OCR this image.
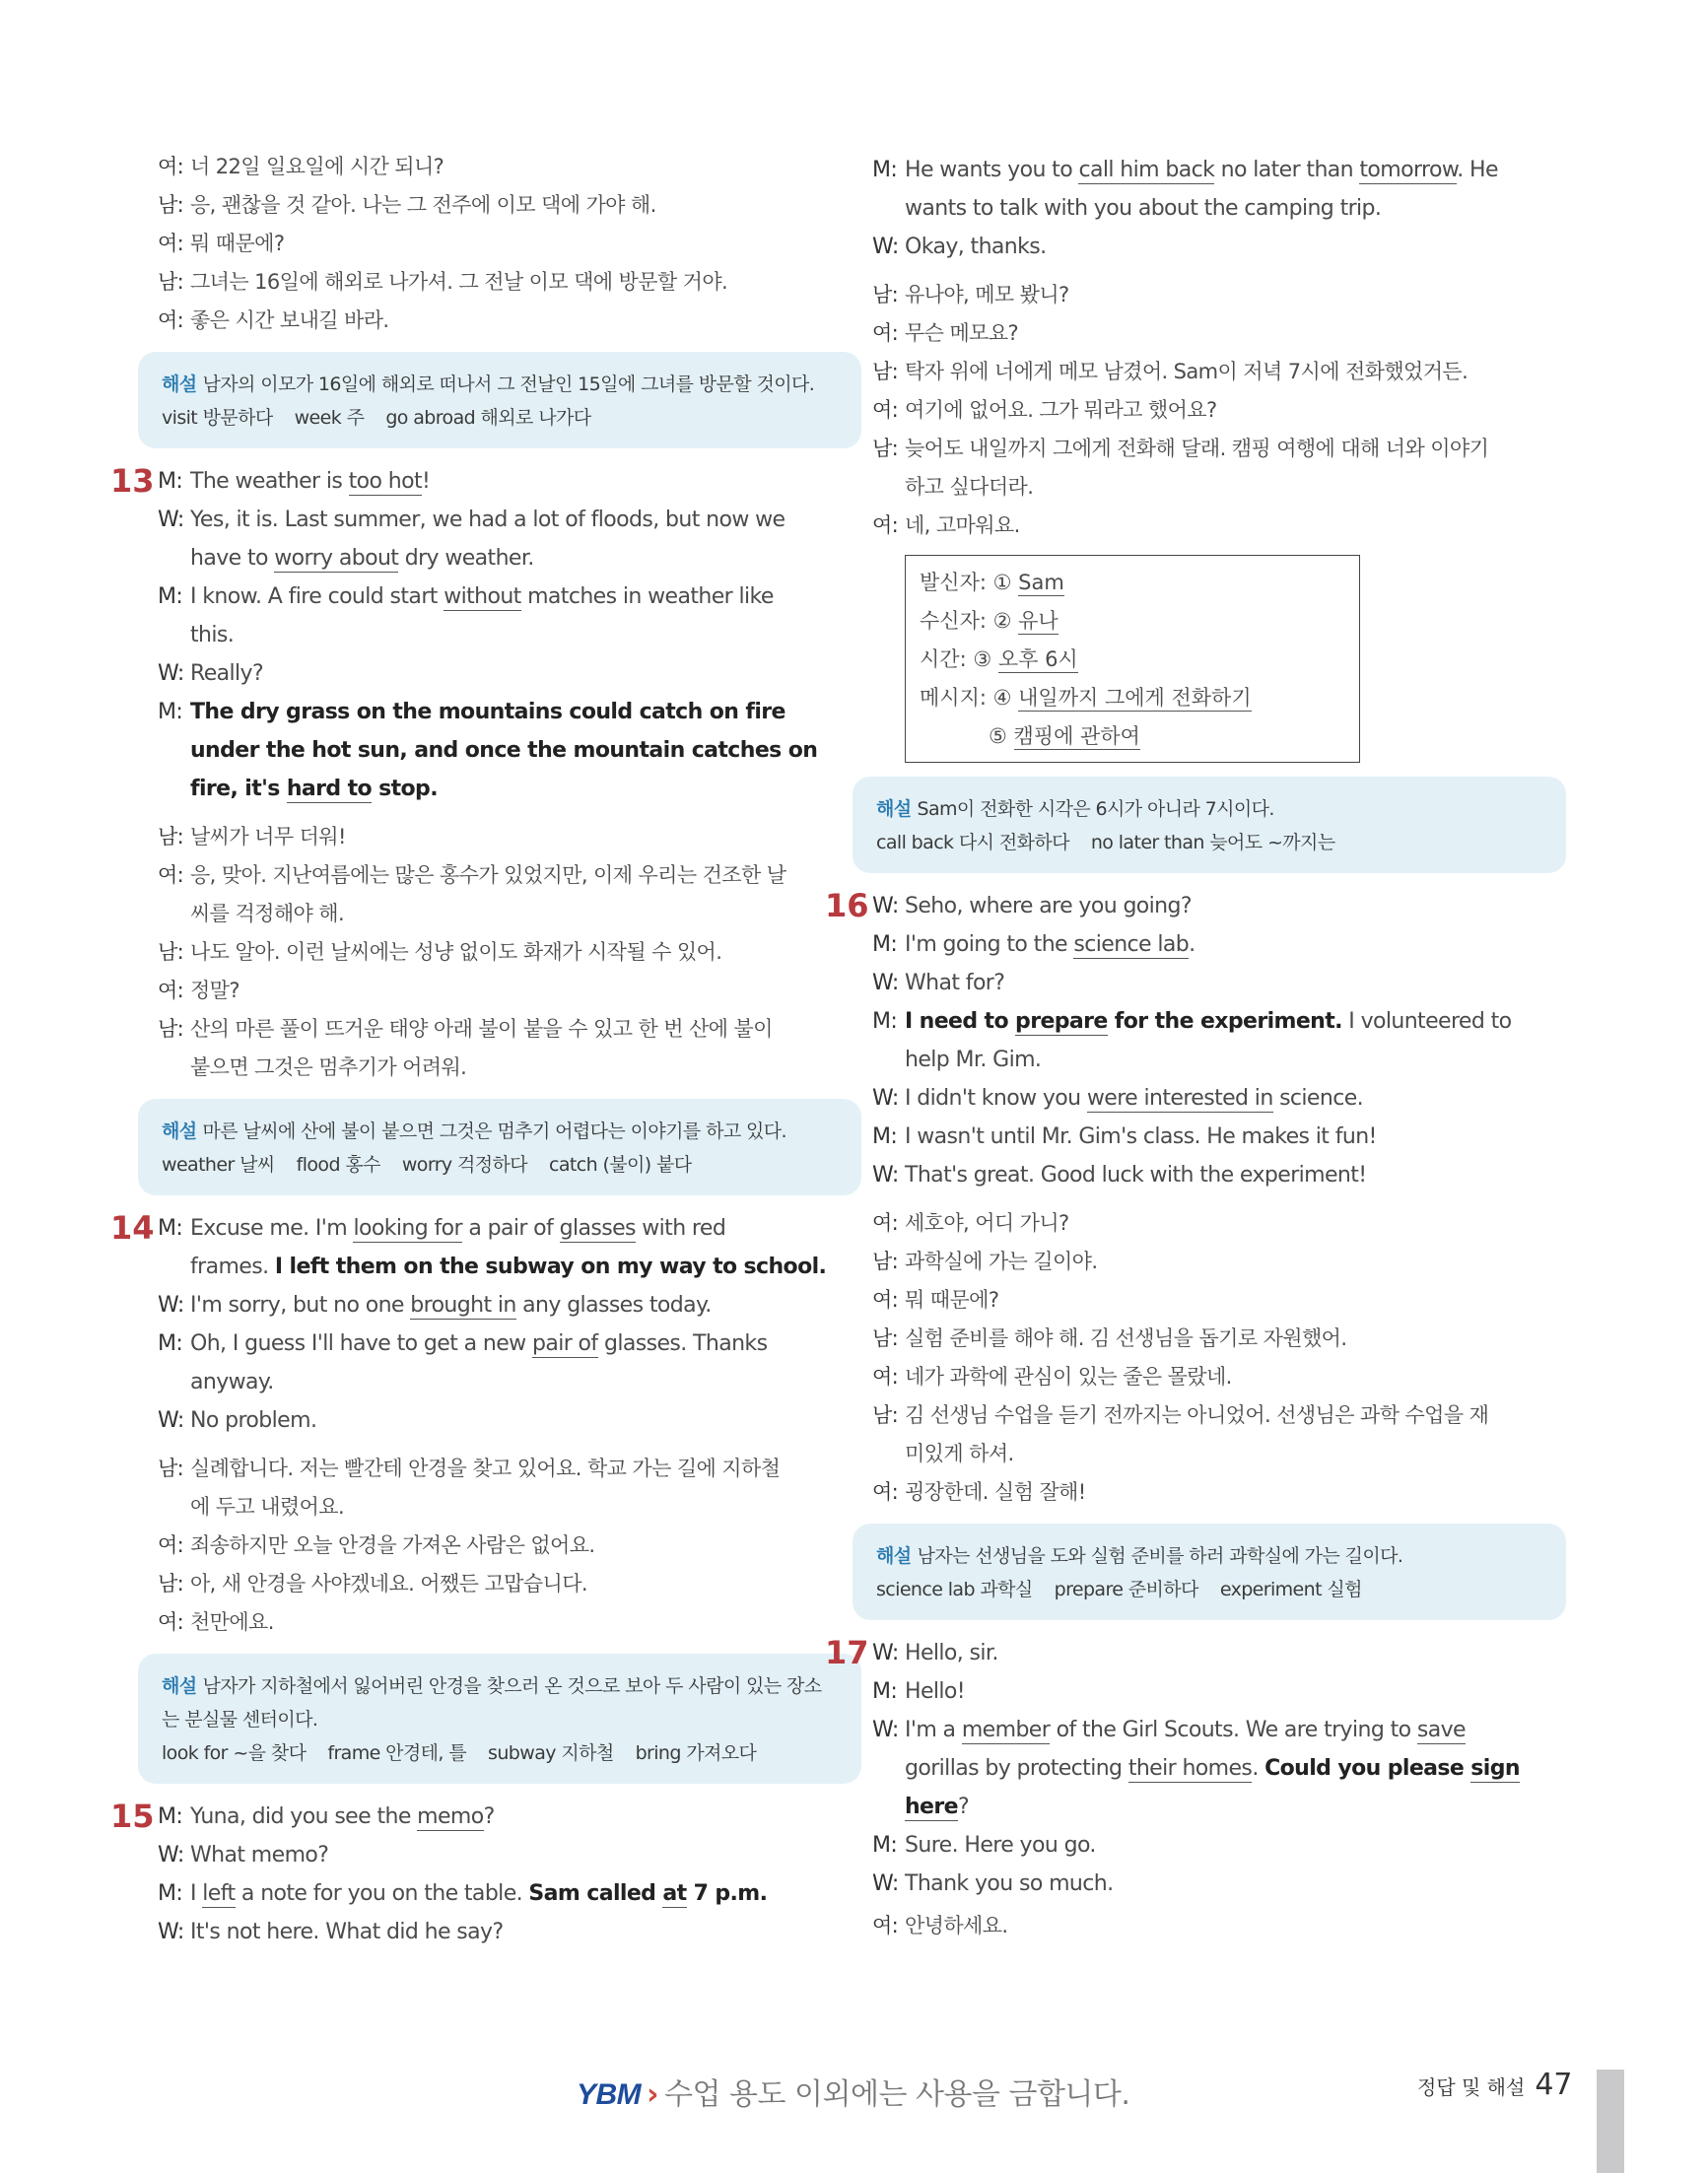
여: 너 22일 일요일에 시간 되니?
남: 응, 괜찮을 것 같아. 나는 그 전주에 이모 댁에 가야 해.
여: 뭐 때문에?
남: 그녀는 16일에 해외로 나가셔. 그 전날 이모 댁에 방문할 거야.
여: 좋은 시간 보내길 바라.
해설 남자의 이모가 16일에 해외로 떠나서 그 전날인 15일에 그녀를 방문할 것이다.
visit 방문하다 week 주 go abroad 해외로 나가다
13 M: The weather is too hot!
W: Yes, it is. Last summer, we had a lot of floods, but now we
have to worry about dry weather.
M: I know. A fire could start without matches in weather like
this.
W: Really?
M: The dry grass on the mountains could catch on fire
under the hot sun, and once the mountain catches on
fire, it's hard to stop.
남: 날씨가 너무 더워!
여: 응, 맞아. 지난여름에는 많은 홍수가 있었지만, 이제 우리는 건조한 날
씨를 걱정해야 해.
남: 나도 알아. 이런 날씨에는 성냥 없이도 화재가 시작될 수 있어.
여: 정말?
남: 산의 마른 풀이 뜨거운 태양 아래 불이 붙을 수 있고 한 번 산에 불이
붙으면 그것은 멈추기가 어려워.
해설 마른 날씨에 산에 불이 붙으면 그것은 멈추기 어렵다는 이야기를 하고 있다.
weather 날씨 flood 홍수 worry 걱정하다 catch (불이) 붙다
14 M: Excuse me. I'm looking for a pair of glasses with red
frames. I left them on the subway on my way to school.
W: I'm sorry, but no one brought in any glasses today.
M: Oh, I guess I'll have to get a new pair of glasses. Thanks
anyway.
W: No problem.
남: 실례합니다. 저는 빨간테 안경을 찾고 있어요. 학교 가는 길에 지하철
에 두고 내렸어요.
여: 죄송하지만 오늘 안경을 가져온 사람은 없어요.
남: 아, 새 안경을 사야겠네요. 어쨌든 고맙습니다.
여: 천만에요.
해설 남자가 지하철에서 잃어버린 안경을 찾으러 온 것으로 보아 두 사람이 있는 장소는 분실물 센터이다.
look for ~을 찾다 frame 안경테, 틀 subway 지하철 bring 가져오다
15 M: Yuna, did you see the memo?
W: What memo?
M: I left a note for you on the table. Sam called at 7 p.m.
W: It's not here. What did he say?
M: He wants you to call him back no later than tomorrow. He
wants to talk with you about the camping trip.
W: Okay, thanks.
남: 유나야, 메모 봤니?
여: 무슨 메모요?
남: 탁자 위에 너에게 메모 남겼어. Sam이 저녁 7시에 전화했었거든.
여: 여기에 없어요. 그가 뭐라고 했어요?
남: 늦어도 내일까지 그에게 전화해 달래. 캠핑 여행에 대해 너와 이야기
하고 싶다더라.
여: 네, 고마워요.
발신자: ① Sam
수신자: ② 유나
시간: ③ 오후 6시
메시지: ④ 내일까지 그에게 전화하기
⑤ 캠핑에 관하여
해설 Sam이 전화한 시각은 6시가 아니라 7시이다.
call back 다시 전화하다 no later than 늦어도 ~까지는
16 W: Seho, where are you going?
M: I'm going to the science lab.
W: What for?
M: I need to prepare for the experiment. I volunteered to
help Mr. Gim.
W: I didn't know you were interested in science.
M: I wasn't until Mr. Gim's class. He makes it fun!
W: That's great. Good luck with the experiment!
여: 세호야, 어디 가니?
남: 과학실에 가는 길이야.
여: 뭐 때문에?
남: 실험 준비를 해야 해. 김 선생님을 돕기로 자원했어.
여: 네가 과학에 관심이 있는 줄은 몰랐네.
남: 김 선생님 수업을 듣기 전까지는 아니었어. 선생님은 과학 수업을 재
미있게 하셔.
여: 굉장한데. 실험 잘해!
해설 남자는 선생님을 도와 실험 준비를 하러 과학실에 가는 길이다.
science lab 과학실 prepare 준비하다 experiment 실험
17 W: Hello, sir.
M: Hello!
W: I'm a member of the Girl Scouts. We are trying to save
gorillas by protecting their homes. Could you please sign
here?
M: Sure. Here you go.
W: Thank you so much.
여: 안녕하세요.
YBM › 수업 용도 이외에는 사용을 금합니다.	정답 및 해설 47
